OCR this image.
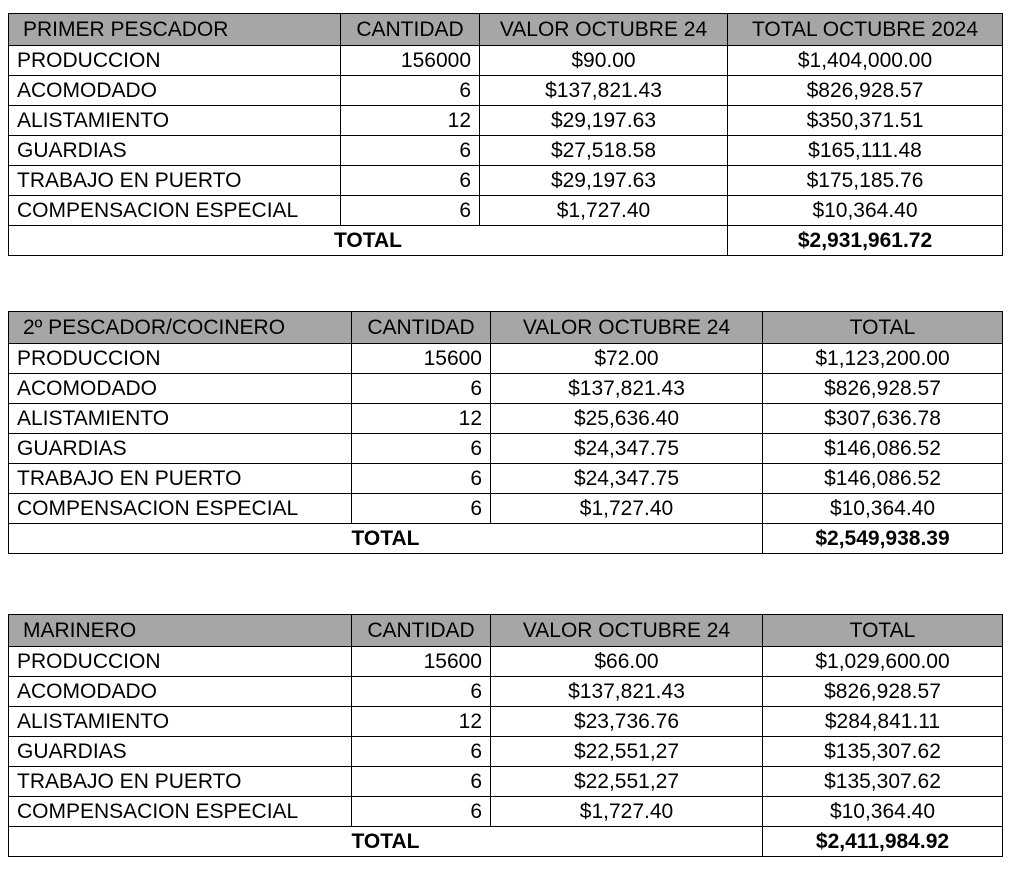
PRIMER PESCADOR	CANTIDAD	VALOR OCTUBRE 24	TOTAL OCTUBRE 2024
PRODUCCION	156000	$90.00	$1,404,000.00
ACOMODADO	6	$137,821.43	$826,928.57
ALISTAMIENTO	12	$29,197.63	$350,371.51
GUARDIAS	6	$27,518.58	$165,111.48
TRABAJO EN PUERTO	6	$29,197.63	$175,185.76
COMPENSACION ESPECIAL	6	$1,727.40	$10,364.40
TOTAL			$2,931,961.72
2º PESCADOR/COCINERO	CANTIDAD	VALOR OCTUBRE 24	TOTAL
PRODUCCION	15600	$72.00	$1,123,200.00
ACOMODADO	6	$137,821.43	$826,928.57
ALISTAMIENTO	12	$25,636.40	$307,636.78
GUARDIAS	6	$24,347.75	$146,086.52
TRABAJO EN PUERTO	6	$24,347.75	$146,086.52
COMPENSACION ESPECIAL	6	$1,727.40	$10,364.40
TOTAL			$2,549,938.39
MARINERO	CANTIDAD	VALOR OCTUBRE 24	TOTAL
PRODUCCION	15600	$66.00	$1,029,600.00
ACOMODADO	6	$137,821.43	$826,928.57
ALISTAMIENTO	12	$23,736.76	$284,841.11
GUARDIAS	6	$22,551,27	$135,307.62
TRABAJO EN PUERTO	6	$22,551,27	$135,307.62
COMPENSACION ESPECIAL	6	$1,727.40	$10,364.40
TOTAL			$2,411,984.92
